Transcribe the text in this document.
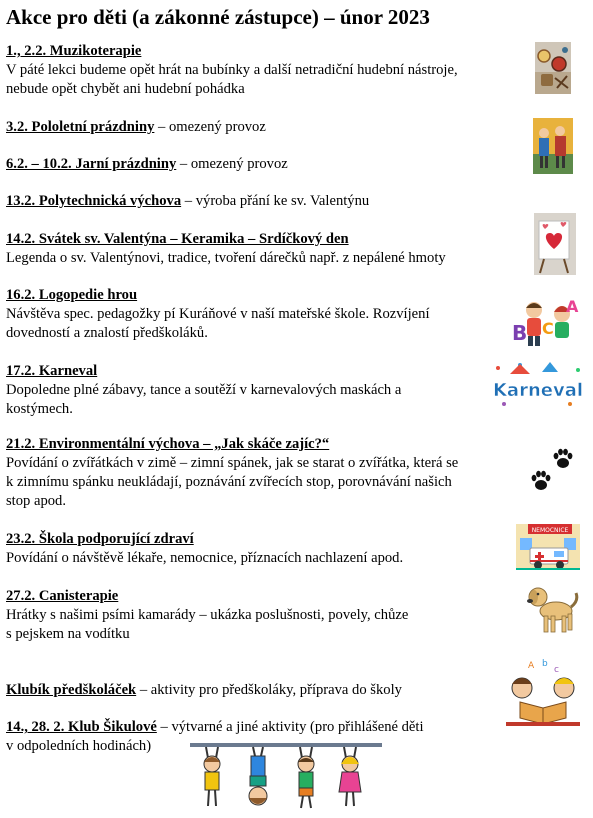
Akce pro děti (a zákonné zástupce) – únor 2023
1., 2.2. Muzikoterapie
V páté lekci budeme opět hrát na bubínky a další netradiční hudební nástroje,
nebude opět chybět ani hudební pohádka
3.2. Pololetní prázdniny – omezený provoz
6.2. – 10.2. Jarní prázdniny – omezený provoz
13.2. Polytechnická výchova – výroba přání ke sv. Valentýnu
14.2. Svátek sv. Valentýna – Keramika – Srdíčkový den
Legenda o sv. Valentýnovi, tradice, tvoření dárečků např. z nepálené hmoty
16.2. Logopedie hrou
Návštěva spec. pedagožky pí Kuráňové v naší mateřské škole. Rozvíjení
dovedností a znalostí předškoláků.
17.2. Karneval
Dopoledne plné zábavy, tance a soutěží v karnevalových maskách a
kostýmech.
21.2. Environmentální výchova – „Jak skáče zajíc?“
Povídání o zvířátkách v zimě – zimní spánek, jak se starat o zvířátka, která se
k zimnímu spánku neukládají, poznávání zvířecích stop, porovnávání našich
stop apod.
23.2. Škola podporující zdraví
Povídání o návštěvě lékaře, nemocnice, příznacích nachlazení apod.
27.2. Canisterapie
Hrátky s našimi psími kamarády – ukázka poslušnosti, povely, chůze
s pejskem na vodítku
Klubík předškoláček – aktivity pro předškoláky, příprava do školy
14., 28. 2. Klub Šikulové – výtvarné a jiné aktivity (pro přihlášené děti
v odpoledních hodinách)
B C
A
Karneval
NEMOCNICE
A b
c
